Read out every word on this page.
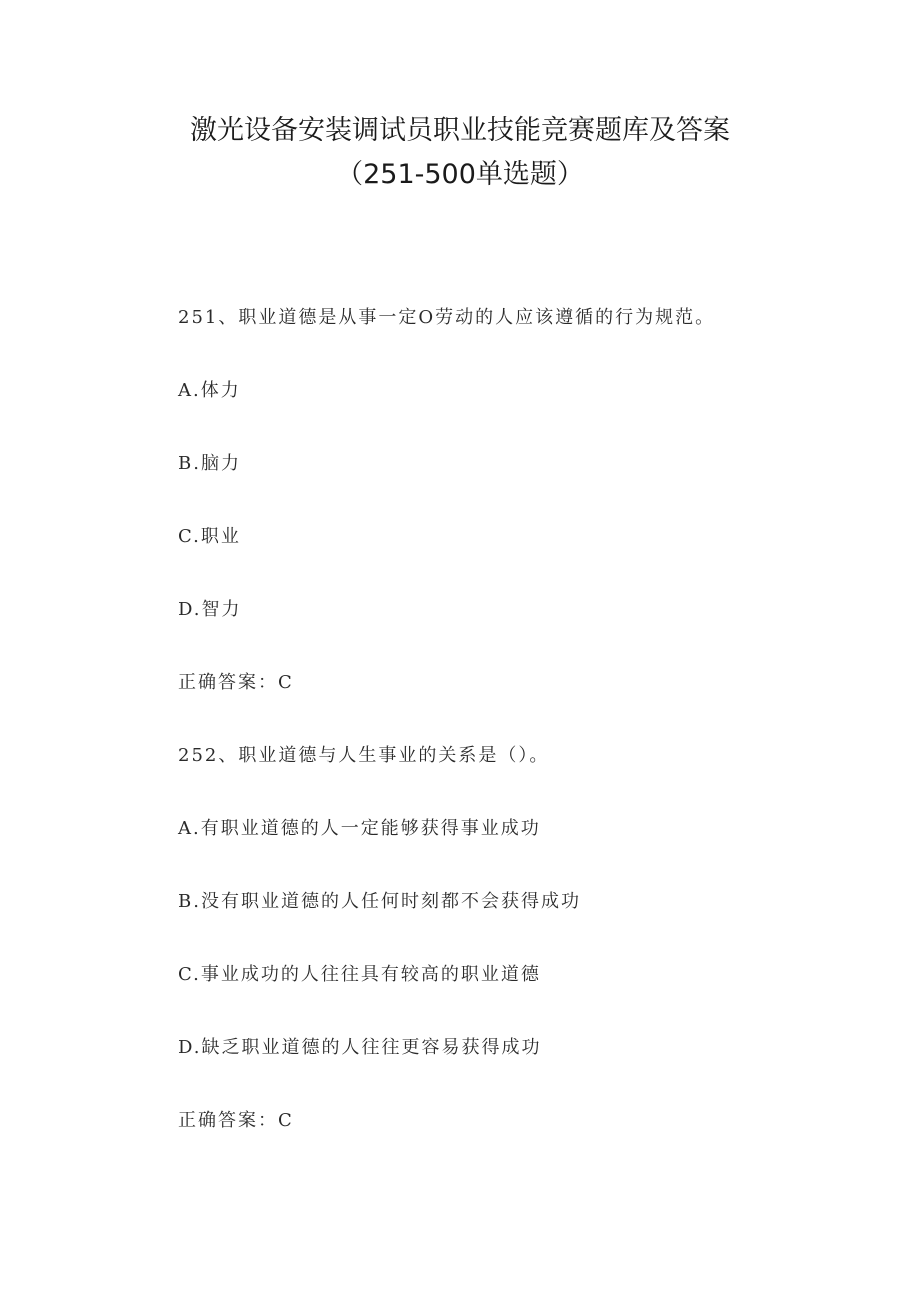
激光设备安装调试员职业技能竞赛题库及答案
（251-500单选题）
251、职业道德是从事一定O劳动的人应该遵循的行为规范。
A.体力
B.脑力
C.职业
D.智力
正确答案：C
252、职业道德与人生事业的关系是（）。
A.有职业道德的人一定能够获得事业成功
B.没有职业道德的人任何时刻都不会获得成功
C.事业成功的人往往具有较高的职业道德
D.缺乏职业道德的人往往更容易获得成功
正确答案：C
